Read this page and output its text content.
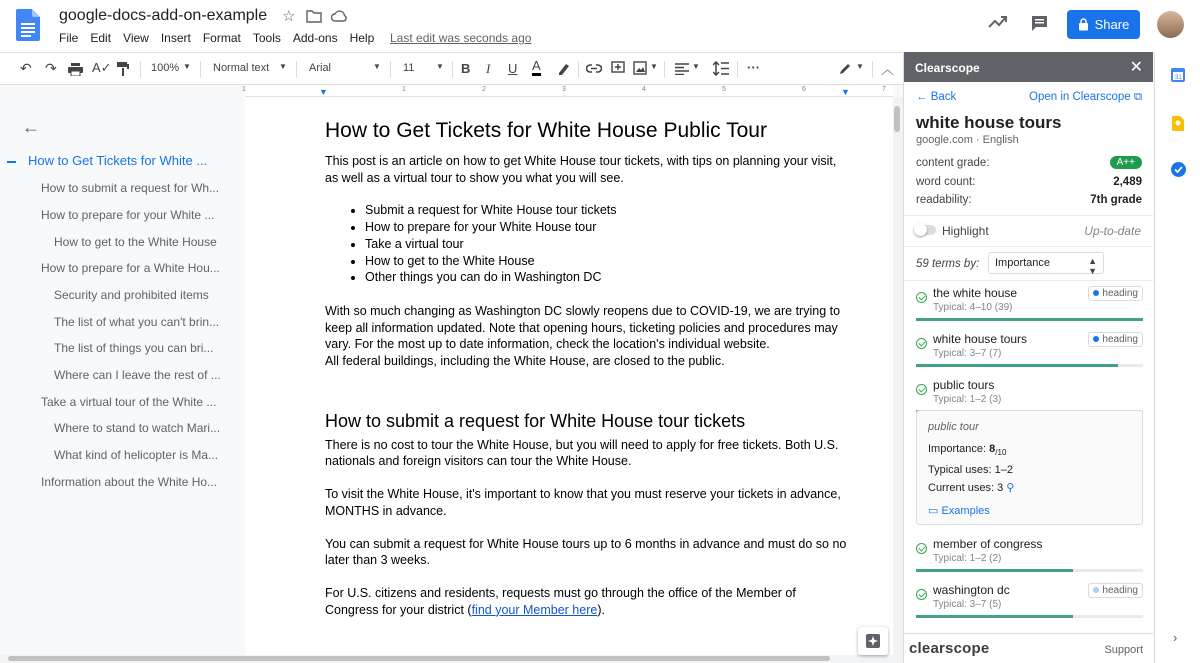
google-docs-add-on-example ☆
File Edit View Insert Format Tools Add-ons Help Last edit was seconds ago
Share
↶ ↷	A✓	100% ▼ Normal text ▼ Arial	▼ 11	▼ B I U A	▼	▼	···	▼ ︿
1	1	2	3	4	5	6	7
▼	▼
←
How to Get Tickets for White ...
How to submit a request for Wh...
How to prepare for your White ...
How to get to the White House
How to prepare for a White Hou...
Security and prohibited items
The list of what you can't brin...
The list of things you can bri...
Where can I leave the rest of ...
Take a virtual tour of the White ...
Where to stand to watch Mari...
What kind of helicopter is Ma...
Information about the White Ho...
How to Get Tickets for White House Public Tour

This post is an article on how to get White House tour tickets, with tips on planning your visit, as well as a virtual tour to show you what you will see.

• Submit a request for White House tour tickets
• How to prepare for your White House tour
• Take a virtual tour
• How to get to the White House
• Other things you can do in Washington DC

With so much changing as Washington DC slowly reopens due to COVID-19, we are trying to keep all information updated. Note that opening hours, ticketing policies and procedures may vary. For the most up to date information, check the location's individual website.

All federal buildings, including the White House, are closed to the public.

How to submit a request for White House tour tickets

There is no cost to tour the White House, but you will need to apply for free tickets. Both U.S. nationals and foreign visitors can tour the White House.

To visit the White House, it's important to know that you must reserve your tickets in advance, MONTHS in advance.

You can submit a request for White House tours up to 6 months in advance and must do so no later than 3 weeks.

For U.S. citizens and residents, requests must go through the office of the Member of Congress for your district (find your Member here).

Clearscope	✕
← Back	Open in Clearscope ⧉
white house tours
google.com · English
content grade:	A++
word count:	2,489
readability:	7th grade
Highlight	Up-to-date
59 terms by:	Importance	▲
▼
the white house
Typical: 4–10 (39)
heading
white house tours
Typical: 3–7 (7)
heading
public tours
Typical: 1–2 (3)
public tour
Importance: $8_{/10}$
Typical uses: 1–2
Current uses: 3 ⚲
▭ Examples
member of congress
Typical: 1–2 (2)
washington dc
Typical: 3–7 (5)
heading
clearscope	Support
31
›
